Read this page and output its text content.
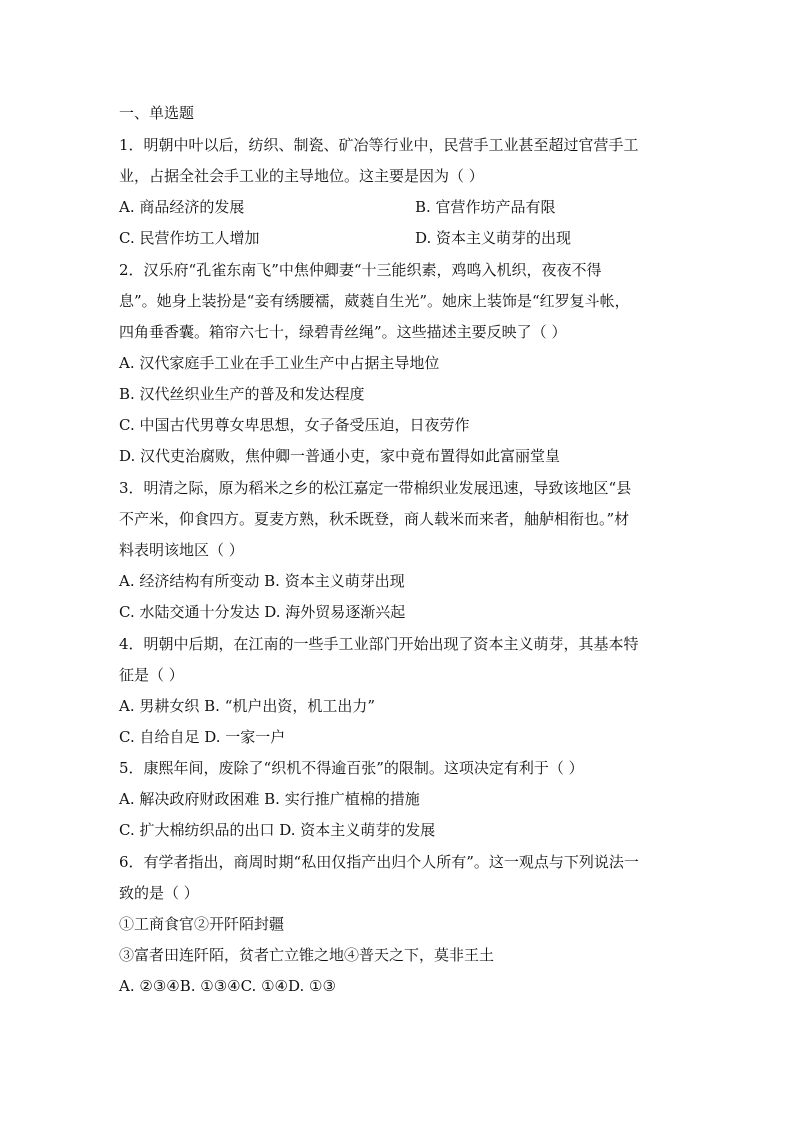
一、单选题
1．明朝中叶以后，纺织、制瓷、矿冶等行业中，民营手工业甚至超过官营手工
业，占据全社会手工业的主导地位。这主要是因为（ ）
A. 商品经济的发展	B. 官营作坊产品有限
C. 民营作坊工人增加	D. 资本主义萌芽的出现
2．汉乐府“孔雀东南飞”中焦仲卿妻“十三能织素，鸡鸣入机织，夜夜不得
息”。她身上装扮是“妾有绣腰襦，葳蕤自生光”。她床上装饰是“红罗复斗帐，
四角垂香囊。箱帘六七十，绿碧青丝绳”。这些描述主要反映了（ ）
A. 汉代家庭手工业在手工业生产中占据主导地位
B. 汉代丝织业生产的普及和发达程度
C. 中国古代男尊女卑思想，女子备受压迫，日夜劳作
D. 汉代吏治腐败，焦仲卿一普通小吏，家中竟布置得如此富丽堂皇
3．明清之际，原为稻米之乡的松江嘉定一带棉织业发展迅速，导致该地区“县
不产米，仰食四方。夏麦方熟，秋禾既登，商人载米而来者，舳舻相衔也。”材
料表明该地区（ ）
A. 经济结构有所变动 B. 资本主义萌芽出现
C. 水陆交通十分发达 D. 海外贸易逐渐兴起
4．明朝中后期，在江南的一些手工业部门开始出现了资本主义萌芽，其基本特
征是（ ）
A. 男耕女织 B. “机户出资，机工出力”
C. 自给自足 D. 一家一户
5．康熙年间，废除了“织机不得逾百张”的限制。这项决定有利于（ ）
A. 解决政府财政困难 B. 实行推广植棉的措施
C. 扩大棉纺织品的出口 D. 资本主义萌芽的发展
6．有学者指出，商周时期“私田仅指产出归个人所有”。这一观点与下列说法一
致的是（ ）
①工商食官②开阡陌封疆
③富者田连阡陌，贫者亡立锥之地④普天之下，莫非王土
A. ②③④B. ①③④C. ①④D. ①③
